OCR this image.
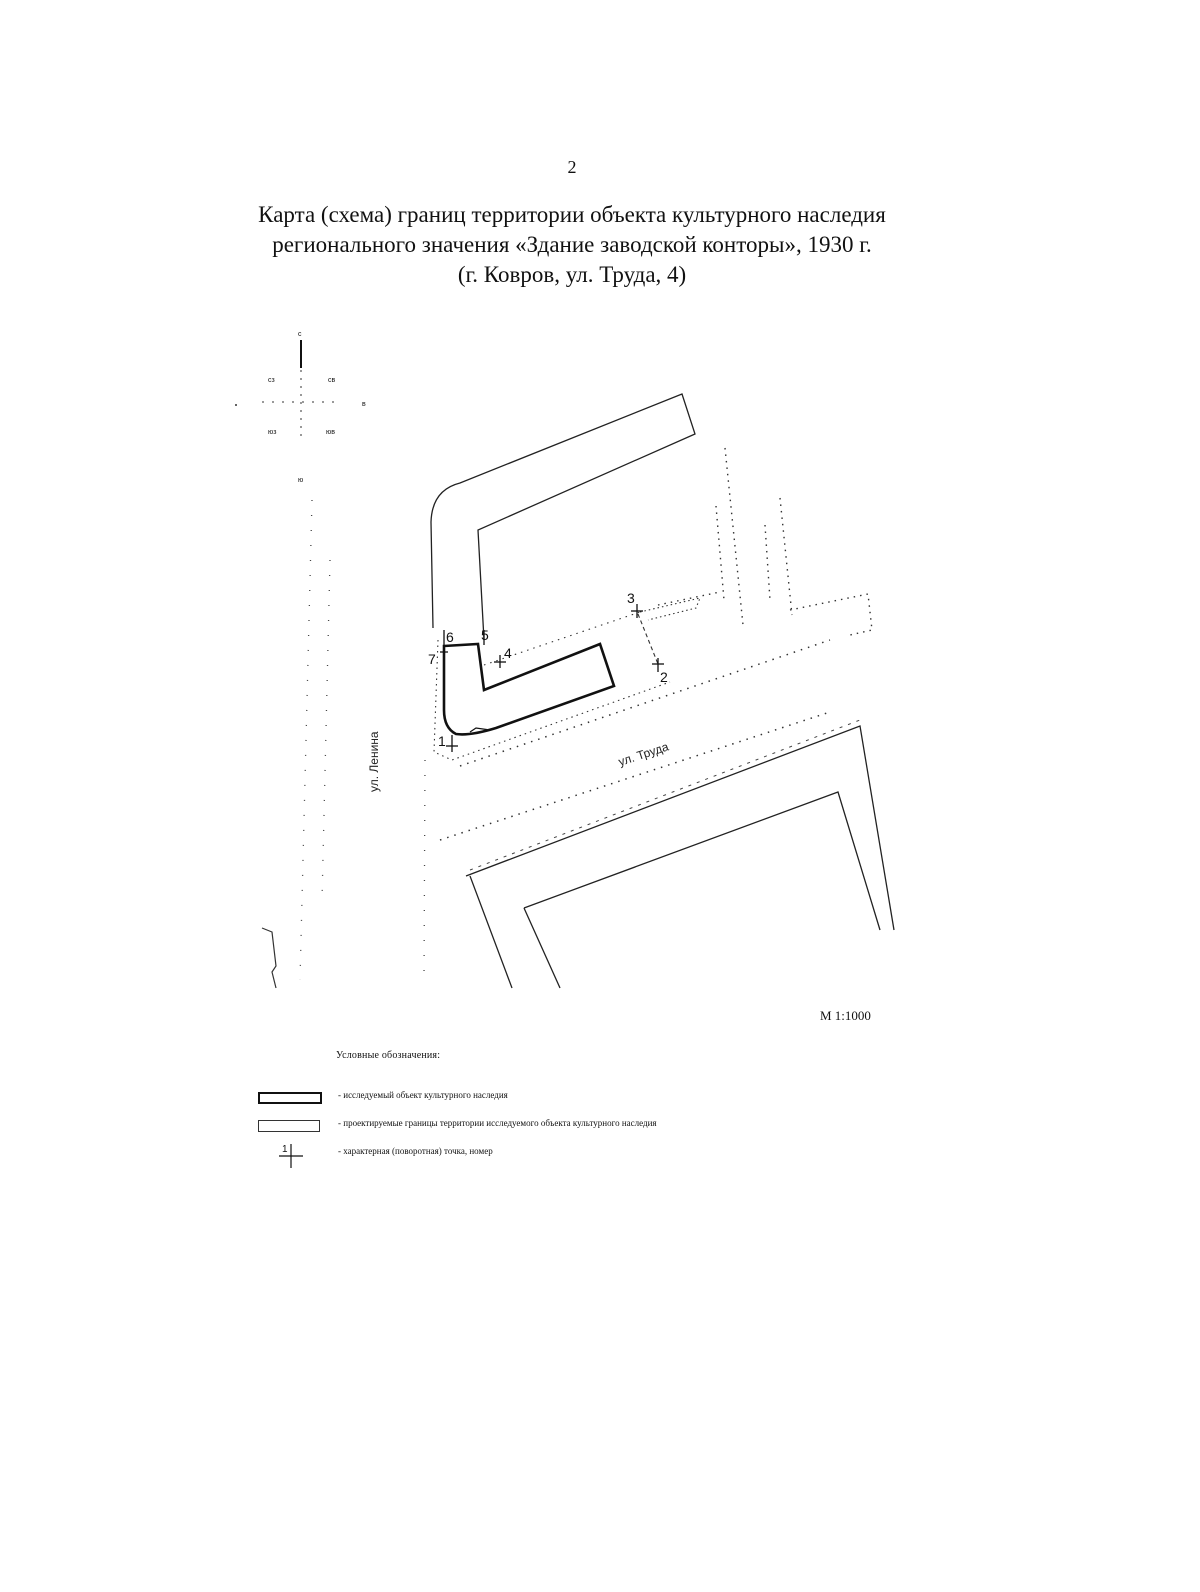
2
Карта (схема) границ территории объекта культурного наследия
регионального значения «Здание заводской конторы», 1930 г.
(г. Ковров, ул. Труда, 4)
с
сз	св
в
юз	юв
ю
1
2
3
4
5
6
7
ул. Труда
ул. Ленина
М 1:1000
Условные обозначения:
- исследуемый объект культурного наследия
- проектируемые границы территории исследуемого объекта культурного наследия
1	- характерная (поворотная) точка, номер
